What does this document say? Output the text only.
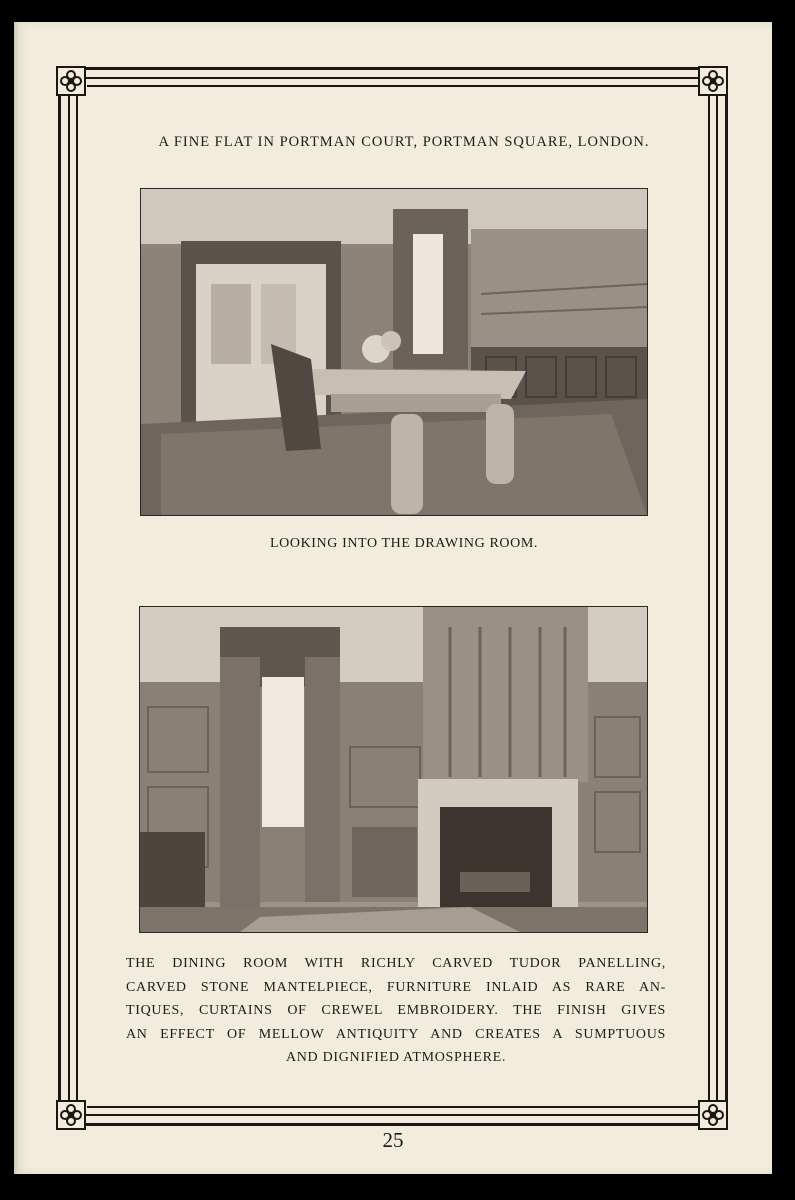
A FINE FLAT IN PORTMAN COURT, PORTMAN SQUARE, LONDON.
LOOKING INTO THE DRAWING ROOM.
THE DINING ROOM WITH RICHLY CARVED TUDOR PANELLING,
CARVED STONE MANTELPIECE, FURNITURE INLAID AS RARE AN-
TIQUES, CURTAINS OF CREWEL EMBROIDERY. THE FINISH GIVES
AN EFFECT OF MELLOW ANTIQUITY AND CREATES A SUMPTUOUS
AND DIGNIFIED ATMOSPHERE.
25
